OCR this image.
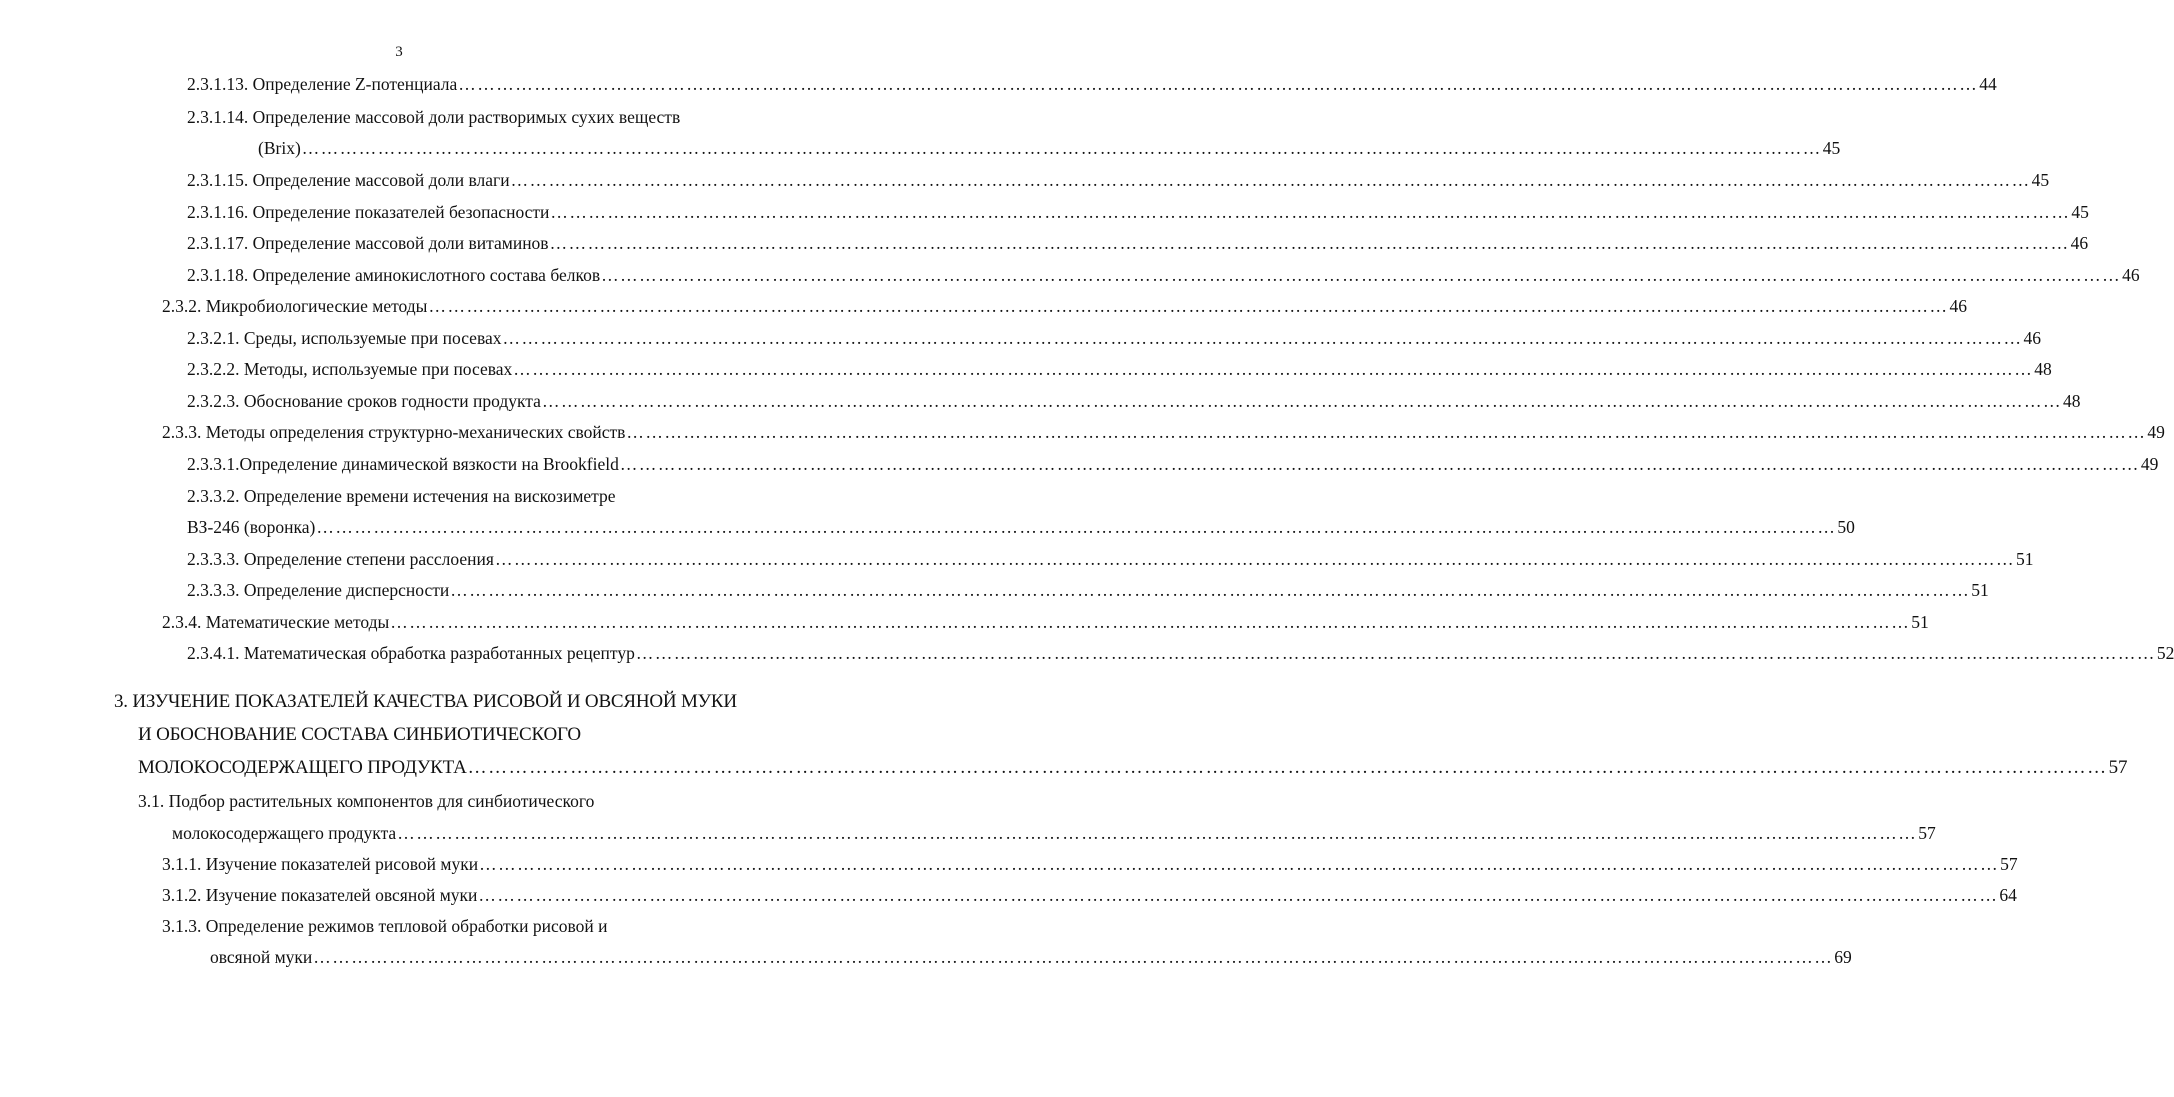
3
2.3.1.13. Определение Z-потенциала …………………………………………………………………………………………………………………………………………………………………………………………………………………… 44
2.3.1.14. Определение массовой доли растворимых сухих веществ
(Brix) …………………………………………………………………………………………………………………………………………………………………………………………………………………… 45
2.3.1.15. Определение массовой доли влаги …………………………………………………………………………………………………………………………………………………………………………………………………………………… 45
2.3.1.16. Определение показателей безопасности …………………………………………………………………………………………………………………………………………………………………………………………………………………… 45
2.3.1.17. Определение массовой доли витаминов …………………………………………………………………………………………………………………………………………………………………………………………………………………… 46
2.3.1.18. Определение аминокислотного состава белков …………………………………………………………………………………………………………………………………………………………………………………………………………………… 46
2.3.2. Микробиологические методы …………………………………………………………………………………………………………………………………………………………………………………………………………………… 46
2.3.2.1. Среды, используемые при посевах …………………………………………………………………………………………………………………………………………………………………………………………………………………… 46
2.3.2.2. Методы, используемые при посевах …………………………………………………………………………………………………………………………………………………………………………………………………………………… 48
2.3.2.3. Обоснование сроков годности продукта …………………………………………………………………………………………………………………………………………………………………………………………………………………… 48
2.3.3. Методы определения структурно-механических свойств …………………………………………………………………………………………………………………………………………………………………………………………………………………… 49
2.3.3.1.Определение динамической вязкости на Brookfield …………………………………………………………………………………………………………………………………………………………………………………………………………………… 49
2.3.3.2. Определение времени истечения на вискозиметре
ВЗ-246 (воронка) …………………………………………………………………………………………………………………………………………………………………………………………………………………… 50
2.3.3.3. Определение степени расслоения …………………………………………………………………………………………………………………………………………………………………………………………………………………… 51
2.3.3.3. Определение дисперсности …………………………………………………………………………………………………………………………………………………………………………………………………………………… 51
2.3.4. Математические методы …………………………………………………………………………………………………………………………………………………………………………………………………………………… 51
2.3.4.1. Математическая обработка разработанных рецептур …………………………………………………………………………………………………………………………………………………………………………………………………………………… 52
3. ИЗУЧЕНИЕ ПОКАЗАТЕЛЕЙ КАЧЕСТВА РИСОВОЙ И ОВСЯНОЙ МУКИ
И ОБОСНОВАНИЕ СОСТАВА СИНБИОТИЧЕСКОГО
МОЛОКОСОДЕРЖАЩЕГО ПРОДУКТА …………………………………………………………………………………………………………………………………………………………………………………………………………………… 57
3.1. Подбор растительных компонентов для синбиотического
молокосодержащего продукта …………………………………………………………………………………………………………………………………………………………………………………………………………………… 57
3.1.1. Изучение показателей рисовой муки …………………………………………………………………………………………………………………………………………………………………………………………………………………… 57
3.1.2. Изучение показателей овсяной муки …………………………………………………………………………………………………………………………………………………………………………………………………………………… 64
3.1.3. Определение режимов тепловой обработки рисовой и
овсяной муки …………………………………………………………………………………………………………………………………………………………………………………………………………………… 69
